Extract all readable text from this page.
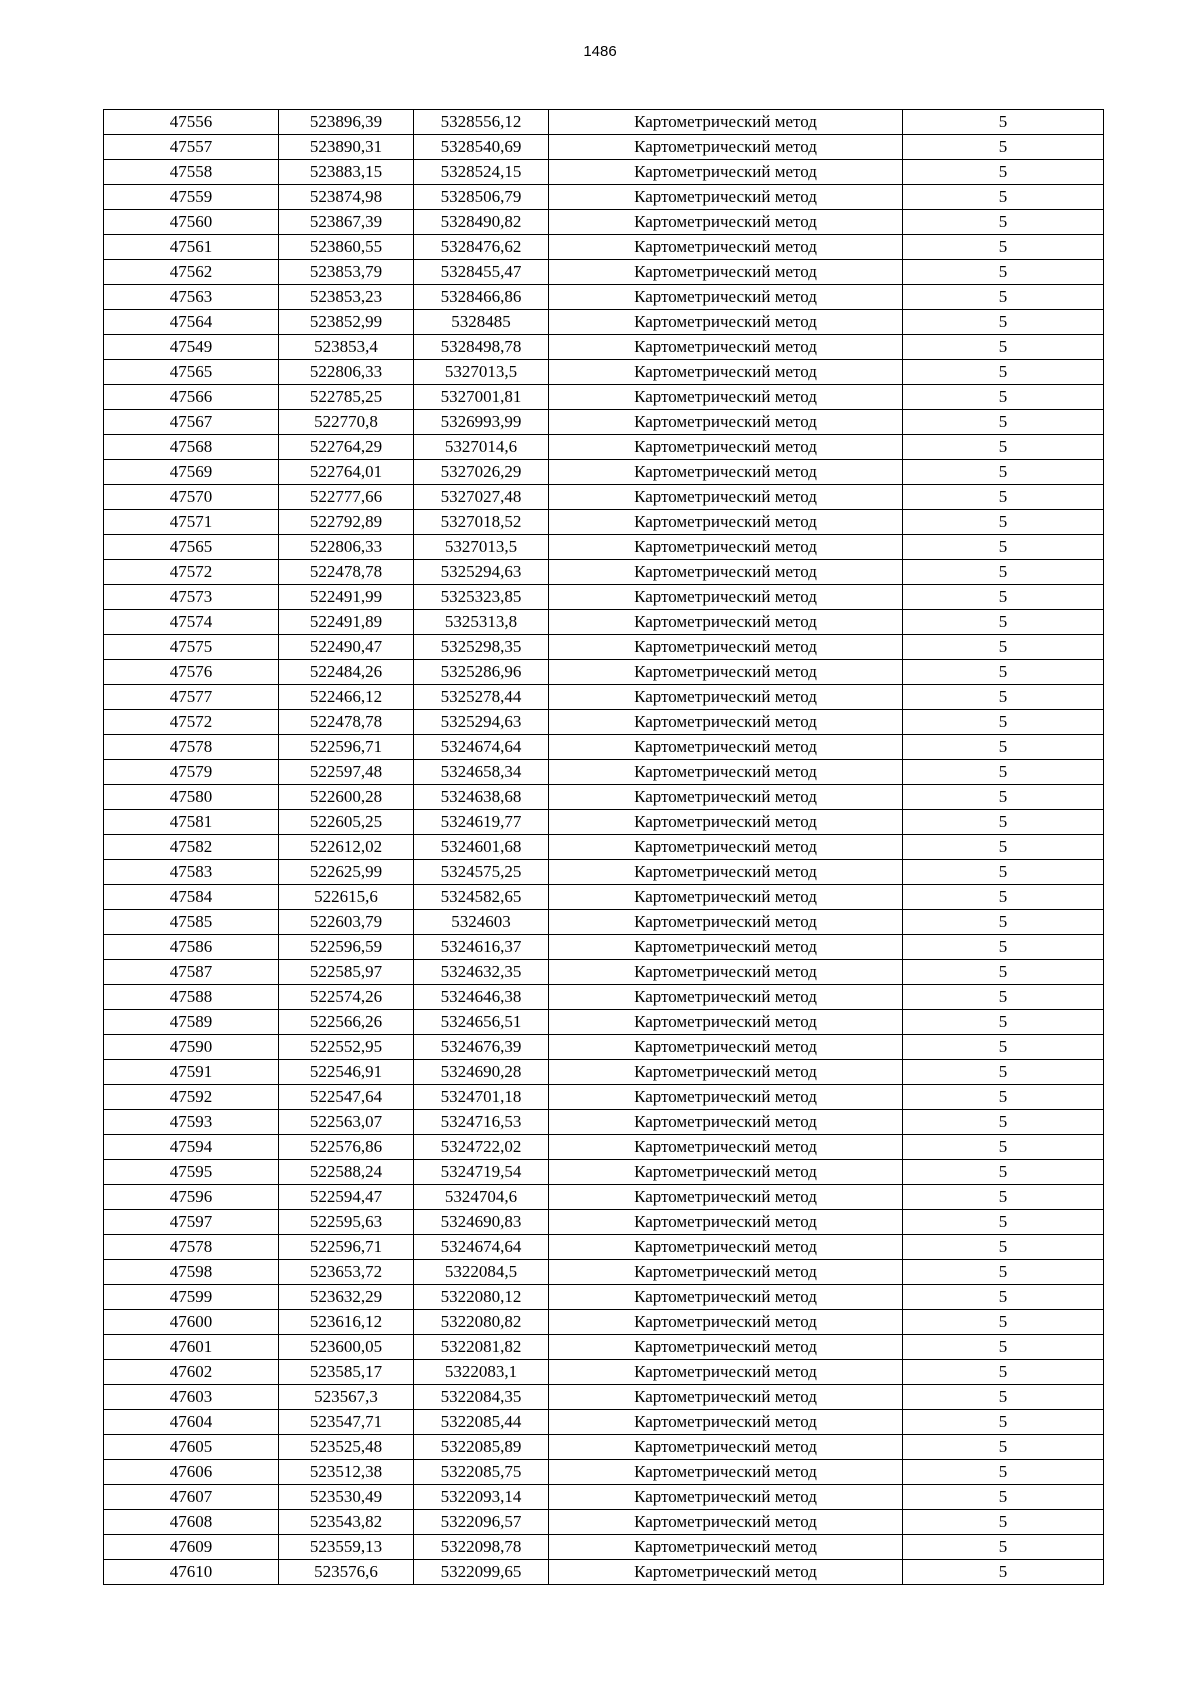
1486
47556	523896,39	5328556,12	Картометрический метод	5
47557	523890,31	5328540,69	Картометрический метод	5
47558	523883,15	5328524,15	Картометрический метод	5
47559	523874,98	5328506,79	Картометрический метод	5
47560	523867,39	5328490,82	Картометрический метод	5
47561	523860,55	5328476,62	Картометрический метод	5
47562	523853,79	5328455,47	Картометрический метод	5
47563	523853,23	5328466,86	Картометрический метод	5
47564	523852,99	5328485	Картометрический метод	5
47549	523853,4	5328498,78	Картометрический метод	5
47565	522806,33	5327013,5	Картометрический метод	5
47566	522785,25	5327001,81	Картометрический метод	5
47567	522770,8	5326993,99	Картометрический метод	5
47568	522764,29	5327014,6	Картометрический метод	5
47569	522764,01	5327026,29	Картометрический метод	5
47570	522777,66	5327027,48	Картометрический метод	5
47571	522792,89	5327018,52	Картометрический метод	5
47565	522806,33	5327013,5	Картометрический метод	5
47572	522478,78	5325294,63	Картометрический метод	5
47573	522491,99	5325323,85	Картометрический метод	5
47574	522491,89	5325313,8	Картометрический метод	5
47575	522490,47	5325298,35	Картометрический метод	5
47576	522484,26	5325286,96	Картометрический метод	5
47577	522466,12	5325278,44	Картометрический метод	5
47572	522478,78	5325294,63	Картометрический метод	5
47578	522596,71	5324674,64	Картометрический метод	5
47579	522597,48	5324658,34	Картометрический метод	5
47580	522600,28	5324638,68	Картометрический метод	5
47581	522605,25	5324619,77	Картометрический метод	5
47582	522612,02	5324601,68	Картометрический метод	5
47583	522625,99	5324575,25	Картометрический метод	5
47584	522615,6	5324582,65	Картометрический метод	5
47585	522603,79	5324603	Картометрический метод	5
47586	522596,59	5324616,37	Картометрический метод	5
47587	522585,97	5324632,35	Картометрический метод	5
47588	522574,26	5324646,38	Картометрический метод	5
47589	522566,26	5324656,51	Картометрический метод	5
47590	522552,95	5324676,39	Картометрический метод	5
47591	522546,91	5324690,28	Картометрический метод	5
47592	522547,64	5324701,18	Картометрический метод	5
47593	522563,07	5324716,53	Картометрический метод	5
47594	522576,86	5324722,02	Картометрический метод	5
47595	522588,24	5324719,54	Картометрический метод	5
47596	522594,47	5324704,6	Картометрический метод	5
47597	522595,63	5324690,83	Картометрический метод	5
47578	522596,71	5324674,64	Картометрический метод	5
47598	523653,72	5322084,5	Картометрический метод	5
47599	523632,29	5322080,12	Картометрический метод	5
47600	523616,12	5322080,82	Картометрический метод	5
47601	523600,05	5322081,82	Картометрический метод	5
47602	523585,17	5322083,1	Картометрический метод	5
47603	523567,3	5322084,35	Картометрический метод	5
47604	523547,71	5322085,44	Картометрический метод	5
47605	523525,48	5322085,89	Картометрический метод	5
47606	523512,38	5322085,75	Картометрический метод	5
47607	523530,49	5322093,14	Картометрический метод	5
47608	523543,82	5322096,57	Картометрический метод	5
47609	523559,13	5322098,78	Картометрический метод	5
47610	523576,6	5322099,65	Картометрический метод	5
